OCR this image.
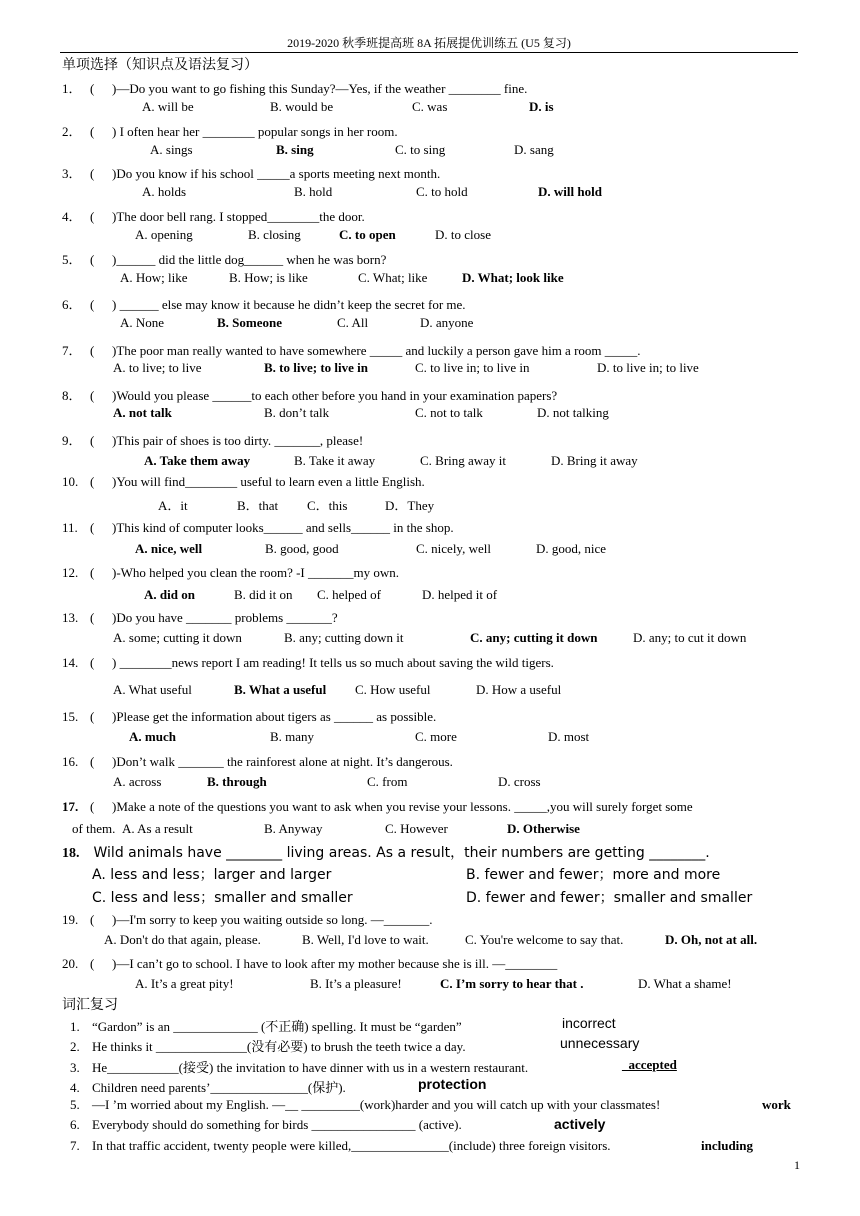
2019-2020 秋季班提高班 8A 拓展提优训练五 (U5 复习)
单项选择（知识点及语法复习）
1． ( )—Do you want to go fishing this Sunday?—Yes, if the weather ________ fine.
A. will be	B. would be	C. was	D. is
2． ( ) I often hear her ________ popular songs in her room.
A. sings	B. sing	C. to sing	D. sang
3． ( )Do you know if his school _____a sports meeting next month.
A. holds	B. hold	C. to hold	D. will hold
4． ( )The door bell rang. I stopped________the door.
A. opening	B. closing	C. to open	D. to close
5． ( )______ did the little dog______ when he was born?
A. How; like	B. How; is like	C. What; like	D. What; look like
6． ( ) ______ else may know it because he didn’t keep the secret for me.
A. None	B. Someone	C. All	D. anyone
7． ( )The poor man really wanted to have somewhere _____ and luckily a person gave him a room _____.
A. to live; to live	B. to live; to live in	C. to live in; to live in	D. to live in; to live
8． ( )Would you please ______to each other before you hand in your examination papers?
A. not talk	B. don’t talk	C. not to talk	D. not talking
9． ( )This pair of shoes is too dirty. _______, please!
A. Take them away	B. Take it away	C. Bring away it	D. Bring it away
10. ( )You will find________ useful to learn even a little English.
A．it	B．that C．this	D．They
11. ( )This kind of computer looks______ and sells______ in the shop.
A. nice, well	B. good, good	C. nicely, well	D. good, nice
12. ( )-Who helped you clean the room? -I _______my own.
A. did on	B. did it on C. helped of	D. helped it of
13. ( )Do you have _______ problems _______?
A. some; cutting it down	B. any; cutting down it	C. any; cutting it down	D. any; to cut it down
14. ( ) ________news report I am reading! It tells us so much about saving the wild tigers.
A. What useful	B. What a useful C. How useful	D. How a useful
15. ( )Please get the information about tigers as ______ as possible.
A. much	B. many	C. more	D. most
16. ( )Don’t walk _______ the rainforest alone at night. It’s dangerous.
A. across	B. through	C. from	D. cross
17. ( )Make a note of the questions you want to ask when you revise your lessons. _____,you will surely forget some
of them. A. As a result	B. Anyway	C. However	D. Otherwise
18. Wild animals have ________ living areas. As a result，their numbers are getting ________.
A. less and less；larger and larger	B. fewer and fewer；more and more
C. less and less；smaller and smaller	D. fewer and fewer；smaller and smaller
19. ( )—I'm sorry to keep you waiting outside so long. —_______.
A. Don't do that again, please.	B. Well, I'd love to wait.	C. You're welcome to say that.	D. Oh, not at all.
20. ( )—I can’t go to school. I have to look after my mother because she is ill. —________
A. It’s a great pity!	B. It’s a pleasure!	C. I’m sorry to hear that .	D. What a shame!
词汇复习
1. “Gardon” is an _____________ (不正确) spelling. It must be “garden”	incorrect
2. He thinks it ______________(没有必要) to brush the teeth twice a day.	unnecessary
3. He___________(接受) the invitation to have dinner with us in a western restaurant.	_accepted
4. Children need parents’_______________(保护).	protection
5. —I ’m worried about my English. —__ _________(work)harder and you will catch up with your classmates!	work
6. Everybody should do something for birds ________________ (active).	actively
7. In that traffic accident, twenty people were killed,_______________(include) three foreign visitors.	including
1
